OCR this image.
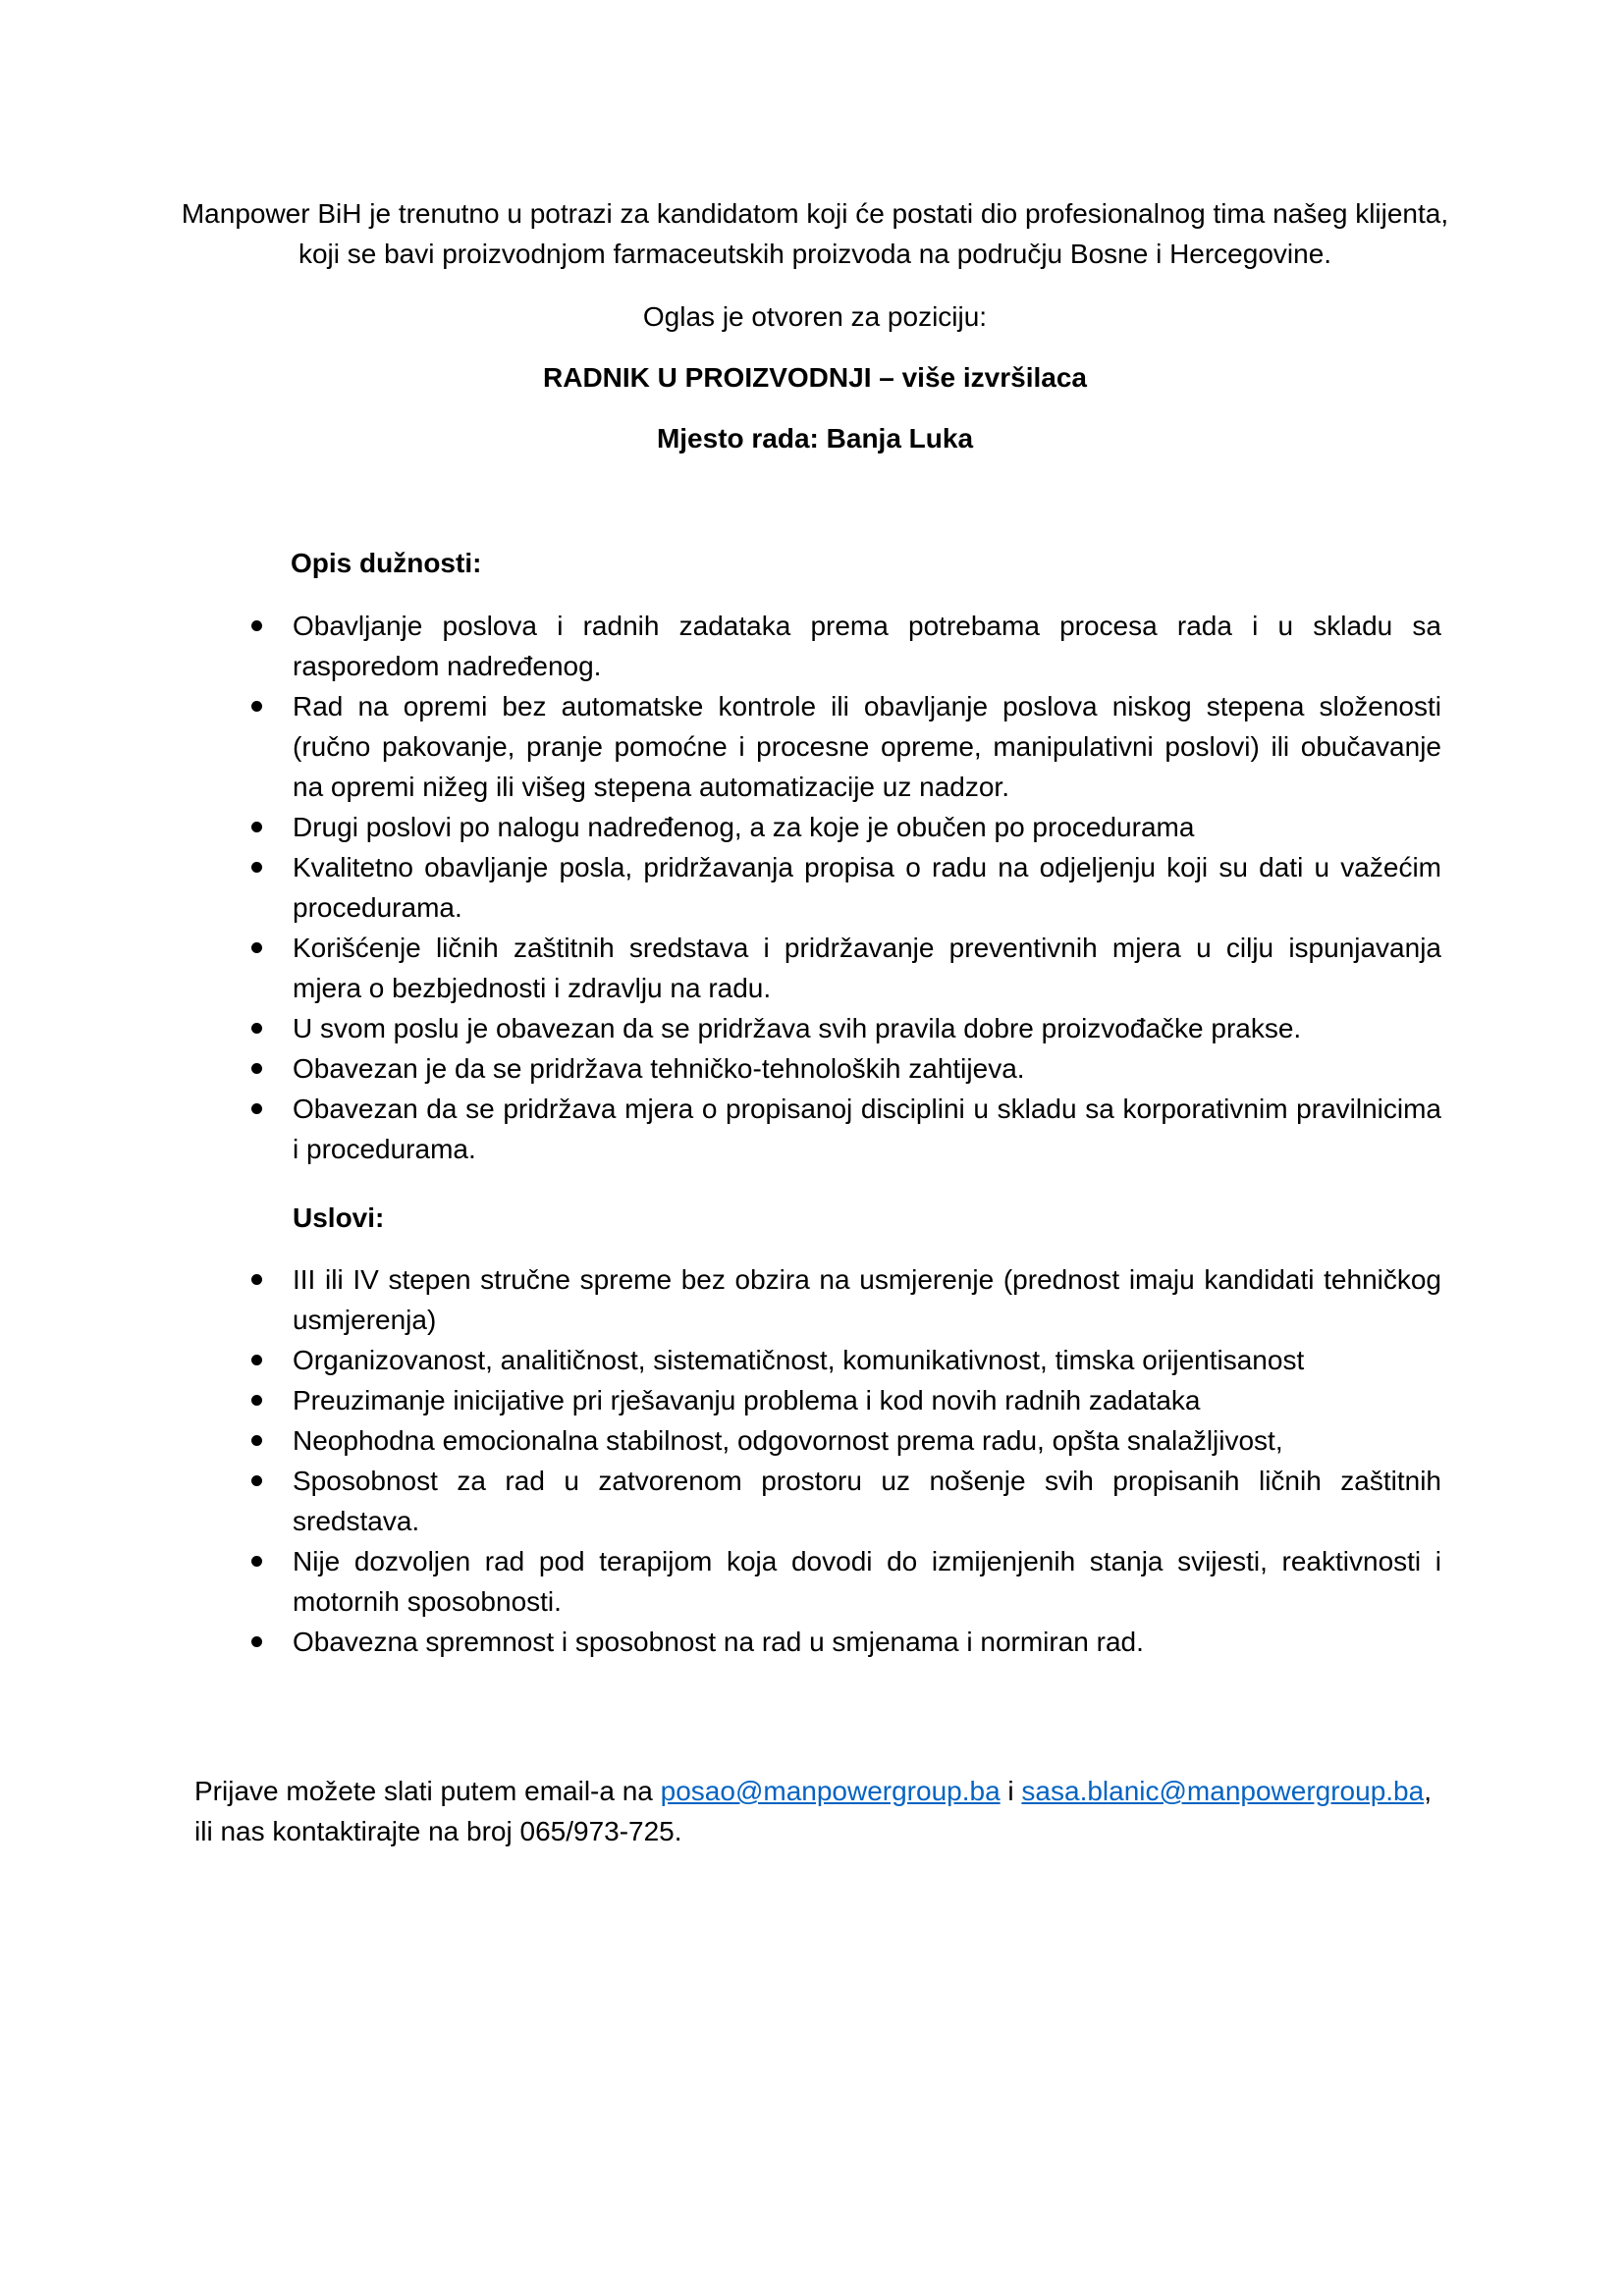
Manpower BiH je trenutno u potrazi za kandidatom koji će postati dio profesionalnog tima našeg klijenta, koji se bavi proizvodnjom farmaceutskih proizvoda na području Bosne i Hercegovine.

Oglas je otvoren za poziciju:

RADNIK U PROIZVODNJI – više izvršilaca

Mjesto rada: Banja Luka

Opis dužnosti:

Obavljanje poslova i radnih zadataka prema potrebama procesa rada i u skladu sa rasporedom nadređenog.
Rad na opremi bez automatske kontrole ili obavljanje poslova niskog stepena složenosti (ručno pakovanje, pranje pomoćne i procesne opreme, manipulativni poslovi) ili obučavanje na opremi nižeg ili višeg stepena automatizacije uz nadzor.
Drugi poslovi po nalogu nadređenog, a za koje je obučen po procedurama
Kvalitetno obavljanje posla, pridržavanja propisa o radu na odjeljenju koji su dati u važećim procedurama.
Korišćenje ličnih zaštitnih sredstava i pridržavanje preventivnih mjera u cilju ispunjavanja mjera o bezbjednosti i zdravlju na radu.
U svom poslu je obavezan da se pridržava svih pravila dobre proizvođačke prakse.
Obavezan je da se pridržava tehničko-tehnoloških zahtijeva.
Obavezan da se pridržava mjera o propisanoj disciplini u skladu sa korporativnim pravilnicima i procedurama.

Uslovi:

III ili IV stepen stručne spreme bez obzira na usmjerenje (prednost imaju kandidati tehničkog usmjerenja)
Organizovanost, analitičnost, sistematičnost, komunikativnost, timska orijentisanost
Preuzimanje inicijative pri rješavanju problema i kod novih radnih zadataka
Neophodna emocionalna stabilnost, odgovornost prema radu, opšta snalažljivost,
Sposobnost za rad u zatvorenom prostoru uz nošenje svih propisanih ličnih zaštitnih sredstava.
Nije dozvoljen rad pod terapijom koja dovodi do izmijenjenih stanja svijesti, reaktivnosti i motornih sposobnosti.
Obavezna spremnost i sposobnost na rad u smjenama i normiran rad.

Prijave možete slati putem email-a na posao@manpowergroup.ba i sasa.blanic@manpowergroup.ba,
ili nas kontaktirajte na broj 065/973-725.
